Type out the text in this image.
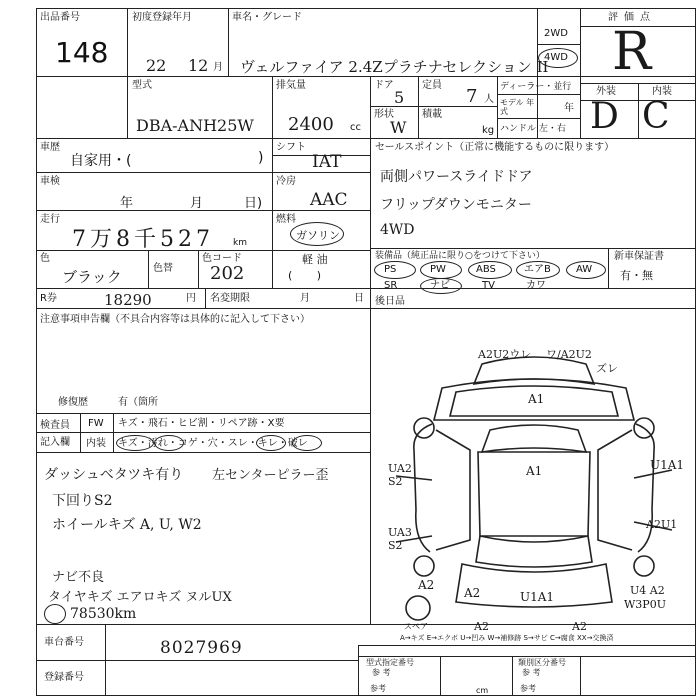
出品番号
148
初度登録年月
22 12 月
車名・グレード
ヴェルファイア 2.4Zプラチナセレクション II
2WD
4WD
評価点
R
型式
DBA-ANH25W
排気量
2400 cc
ドア
5
定員
7 人
形状
W
積載
kg
ディーラー・並行
モデル 年式	年
ハンドル 左・右
外装	内装
D C
車歴
自家用・(	)
車検
年	月	日)
シフト
IAT
冷房
AAC
走行
7万8千527 km
燃料
ガソリン
軽 油
(       )
色
ブラック	色替
色コード
202
R券	18290	円 名変期限	月	日
セールスポイント（正常に機能するものに限ります）
両側パワースライドドア
フリップダウンモニター
4WD
装備品（純正品に限り○をつけて下さい）
PS	PW	ABS	エアB	AW
SR	ナビ	TV	カワ
新車保証書
有・無
後日品
注意事項申告欄（不具合内容等は具体的に記入して下さい）
修復歴	有（箇所
検査員
記入欄
FW キズ・飛石・ヒビ割・リペア跡・X要
内装 キズ・汚れ・コゲ・穴・スレ・キレ・破レ
ダッシュベタツキ有り 左センターピラー歪
下回りS2
ホイールキズ A, U, W2
ナビ不良
タイヤキズ エアロキズ ヌルUX
78530km
A2U2ウレ ワ/A2U2
ズレ
A1
A1	U1A1
UA2 S2
A2U1
UA3 S2
A2
A2	U1A1	U4 A2
W3P0U
A2	A2
スペア
A→キズ E→エクボ U→凹み W→補修跡 S→サビ C→腐食 XX→交換済
車台番号	8027969
登録番号
型式指定番号
参 考
類別区分番号
参 考
参考	cm	参考
